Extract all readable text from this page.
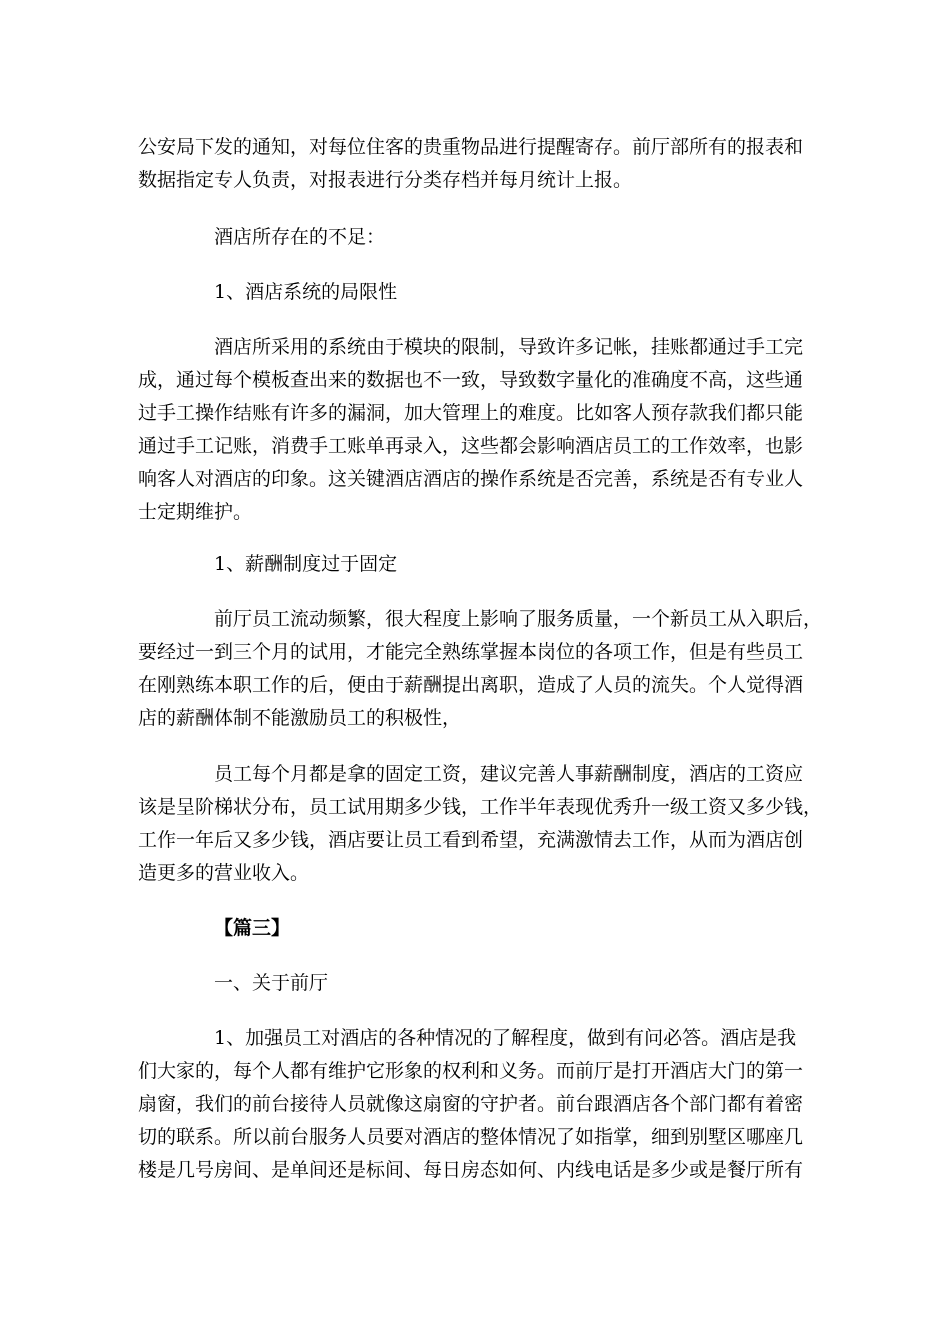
公安局下发的通知，对每位住客的贵重物品进行提醒寄存。前厅部所有的报表和
数据指定专人负责，对报表进行分类存档并每月统计上报。

酒店所存在的不足：

1、酒店系统的局限性

酒店所采用的系统由于模块的限制，导致许多记帐，挂账都通过手工完

成，通过每个模板查出来的数据也不一致，导致数字量化的准确度不高，这些通
过手工操作结账有许多的漏洞，加大管理上的难度。比如客人预存款我们都只能
通过手工记账，消费手工账单再录入，这些都会影响酒店员工的工作效率，也影
响客人对酒店的印象。这关键酒店酒店的操作系统是否完善，系统是否有专业人
士定期维护。

1、薪酬制度过于固定

前厅员工流动频繁，很大程度上影响了服务质量，一个新员工从入职后，

要经过一到三个月的试用，才能完全熟练掌握本岗位的各项工作，但是有些员工
在刚熟练本职工作的后，便由于薪酬提出离职，造成了人员的流失。个人觉得酒
店的薪酬体制不能激励员工的积极性，

员工每个月都是拿的固定工资，建议完善人事薪酬制度，酒店的工资应

该是呈阶梯状分布，员工试用期多少钱，工作半年表现优秀升一级工资又多少钱，
工作一年后又多少钱，酒店要让员工看到希望，充满激情去工作，从而为酒店创
造更多的营业收入。

【篇三】

一、关于前厅

1、加强员工对酒店的各种情况的了解程度，做到有问必答。酒店是我

们大家的，每个人都有维护它形象的权利和义务。而前厅是打开酒店大门的第一
扇窗，我们的前台接待人员就像这扇窗的守护者。前台跟酒店各个部门都有着密
切的联系。所以前台服务人员要对酒店的整体情况了如指掌，细到别墅区哪座几
楼是几号房间、是单间还是标间、每日房态如何、内线电话是多少或是餐厅所有
